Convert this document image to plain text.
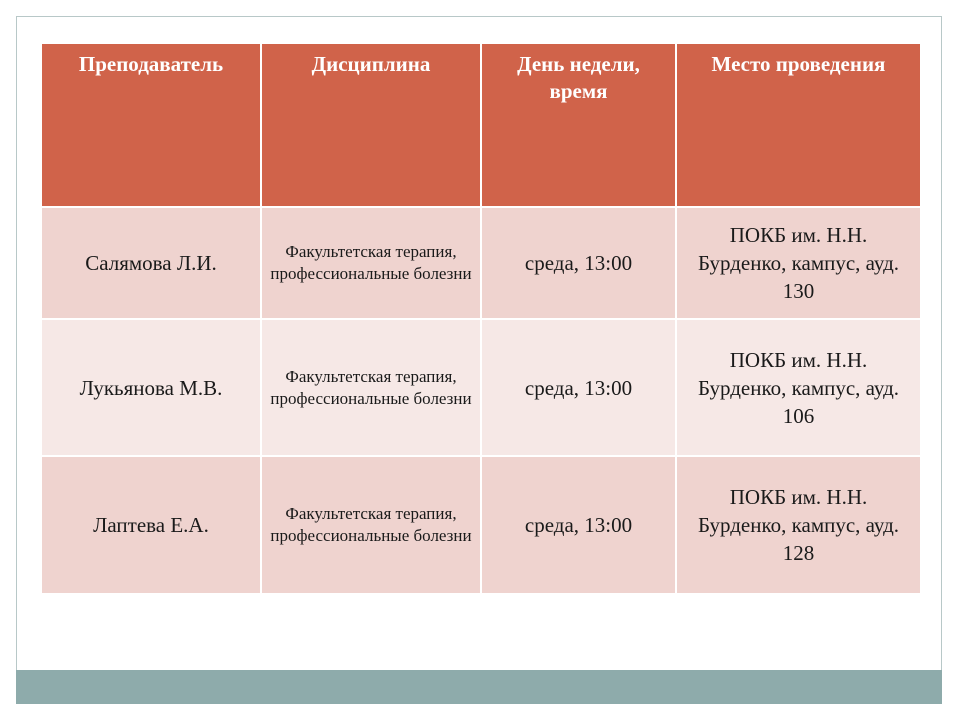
Преподаватель	Дисциплина	День недели, время	Место проведения
Салямова Л.И.	Факультетская терапия, профессиональные болезни	среда, 13:00	ПОКБ им. Н.Н. Бурденко, кампус, ауд. 130
Лукьянова М.В.	Факультетская терапия, профессиональные болезни	среда, 13:00	ПОКБ им. Н.Н. Бурденко, кампус, ауд. 106
Лаптева Е.А.	Факультетская терапия, профессиональные болезни	среда, 13:00	ПОКБ им. Н.Н. Бурденко, кампус, ауд. 128
